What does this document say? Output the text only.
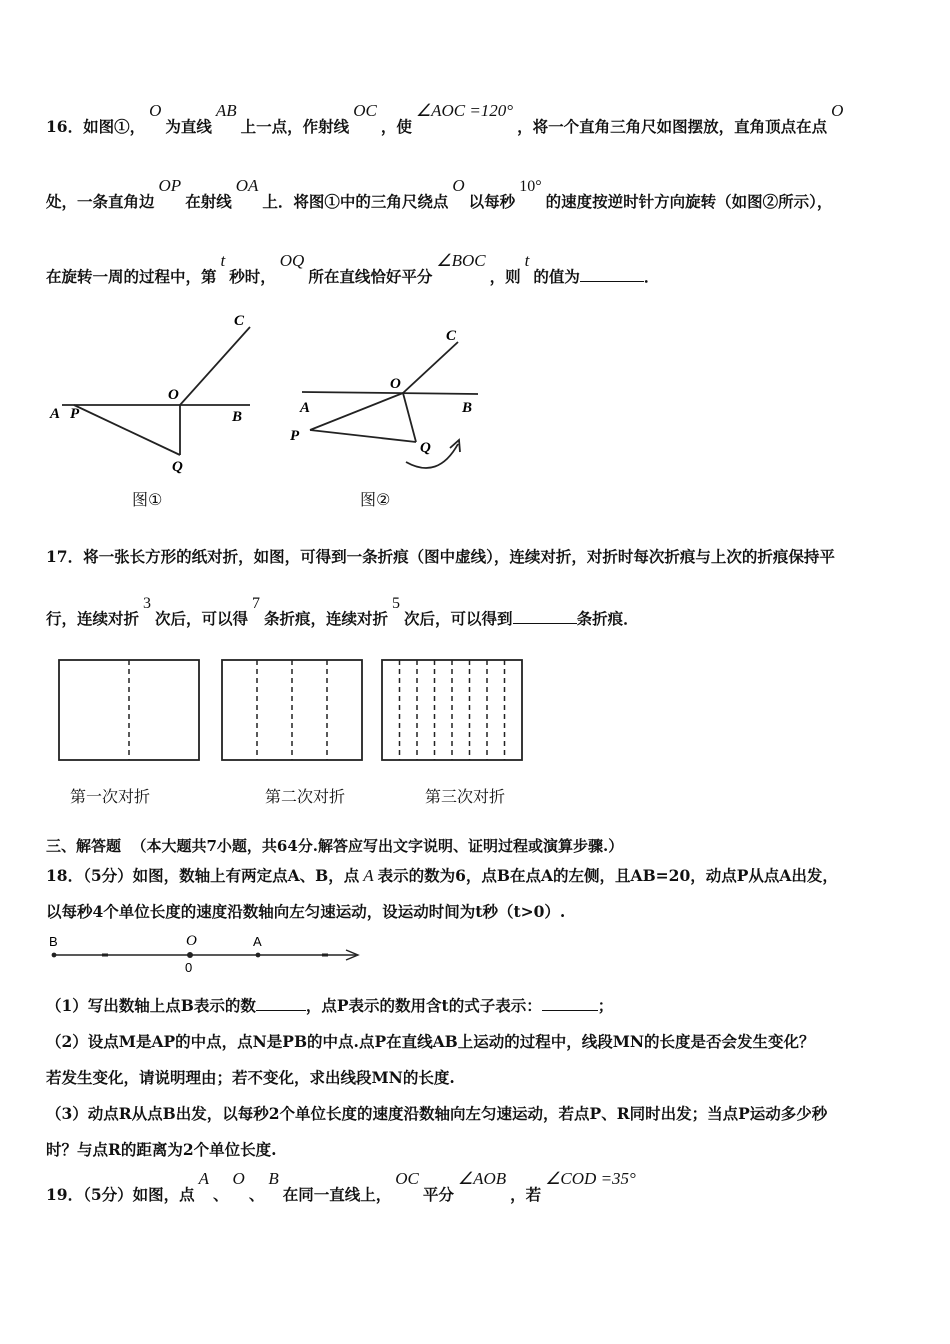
16．如图①，O为直线AB上一点，作射线OC，使∠AOC =120°，将一个直角三角尺如图摆放，直角顶点在点O
处，一条直角边OP在射线OA上．将图①中的三角尺绕点O以每秒10°的速度按逆时针方向旋转（如图②所示），
在旋转一周的过程中，第t秒时，OQ所在直线恰好平分∠BOC，则t的值为	．
A P
O
B
C
Q
图①
A
O
B
C
P
Q
图②
17．将一张长方形的纸对折，如图，可得到一条折痕（图中虚线），连续对折，对折时每次折痕与上次的折痕保持平
行，连续对折3次后，可以得7条折痕，连续对折5次后，可以得到	条折痕．
第一次对折	第二次对折	第三次对折
三、解答题 （本大题共7小题，共64分.解答应写出文字说明、证明过程或演算步骤.）
18．（5分）如图，数轴上有两定点A、B，点 A 表示的数为6，点B在点A的左侧，且AB=20，动点P从点A出发，
以每秒4个单位长度的速度沿数轴向左匀速运动，设运动时间为t秒（t>0）.
B	O
0
A
（1）写出数轴上点B表示的数	，点P表示的数用含t的式子表示：	；
（2）设点M是AP的中点，点N是PB的中点.点P在直线AB上运动的过程中，线段MN的长度是否会发生变化？
若发生变化，请说明理由；若不变化，求出线段MN的长度.
（3）动点R从点B出发，以每秒2个单位长度的速度沿数轴向左匀速运动，若点P、R同时出发；当点P运动多少秒
时？与点R的距离为2个单位长度.
19．（5分）如图，点A、O、B在同一直线上，OC平分∠AOB，若∠COD =35°
